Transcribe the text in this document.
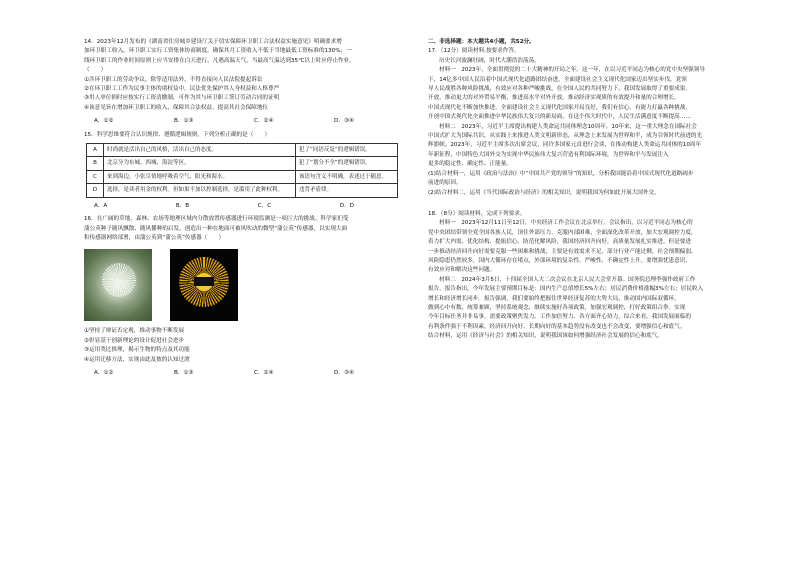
14．2023年12月发布的《湖南省住房城乡建设厅关于切实保障环卫职工合法权益实施意见》明确要求增

加环卫职工收入，环卫职工实行工资集体协商制度，确保其月工资收入不低于当地最低工资标准的130%；一

线环卫职工的作业时间原则上应当安排在白天进行，凡遇高温天气，当最高气温达到35℃以上时应停止作业，

（　　）

①涉环卫职工的劳动争议，除等适用法外，不得直接向人民法院提起诉讼

②在环卫职工工作为民事主体的诸权益中，民法优先保护其人身权益和人格尊严

③用人单位损时应按实行工资清缴制，可作为其与环卫职工签订劳动合同的证明

④该意见旨在增加环卫职工的收入，保障其合法权益，提高其社会保障地位

A．①②	B．①③	C．②④	D．③④

15．科学思维要符合认识规律、遵循逻辑规则。下列分析正确的是（　　）

A	时尚就是活出自己的风格，活出自己的态度。	犯了“同语反复”的逻辑错误。
B	北京分为东城、西城、海淀等区。	犯了“划分不全”的逻辑错误。
C	来到海边，小张尽情地呼吸着空气、阳光和海水。	该语句含义不明确，表述过于随意。
D	选择，是读者用金的权利。但如果不加以控制选择，是滥用了此种权利。	违背矛盾律。
A．A	B．B	C．C	D．D

16．在广阔的草地、森林、农场等地理区域内分散放置传感器进行环境监测是一项巨大的挑战。科学家们受

蒲公英种子随风飘散、随风播种的启发，创造出一种在地面可被风吹动的微型“蒲公英”传感器，以实现大面

积传感器网络部署，由蒲公英到“蒲公英”传感器（　　）

①坚持了辩证否定观，推动事物不断发展

②彰显基于创新理论的设计促进社会进步

③运用类比推理，揭示生物的特点及其功能

④运用迁移方法，实现由此及彼的认知过渡

A．①②	B．①③	C．②④	D．③④

二、非选择题：本大题共4小题，共52分。

17．（12分）阅读材料,按要求作答。

历史长河波澜壮阔，时代大潮浩浩荡荡。

材料一　2023年，全面贯彻党的二十大精神的开局之年。这一年，在以习近平同志为核心的党中央坚强领导

下，14亿多中国人民沿着中国式现代化道路团结奋进，全面建设社会主义现代化国家迈出坚实步伐。党领

导人民战胜各种风险挑战，有效应对各种严峻挑战，在全国人民的共同努力下，我国发展取得了重要成果。

开放，推动更大的对外贸易平衡，推进高水平对外开放，推动经济实现质的有效提升和量的合理增长，

中国式现代化不断加快推进，全面建设社会主义现代化国家开局良好，我们有信心、有能力打赢各种挑战，

开创中国式现代化全面推进中华民族伟大复兴的新局面，在这个伟大时代中，人民生活满意度不断提高……

材料二　2023年，习近平主席提出构建人类命运共同体理念10周年。10年来，这一重大理念在国际社会

中国式扩大为国际共识，从实践上来推进人类文明新形态，从理念上来发展为世界和平，成为引领时代前进的光

辉旗帜。2023年，习近平主席多次出席会议，同许多国家元首进行会谈，在推动构建人类命运共同体的10周年

年新征程，中国特色大国外交为实现中华民族伟大复兴营造有利国际环境，为世界和平与发展注入

更多的稳定性、确定性、正能量。

(1)结合材料一，运用《政治与法治》中“中国共产党的领导”的知识，分析我国能沿着中国式现代化道路阔步

前进的原因。

(2)结合材料二，运用《当代国际政治与经济》的相关知识，说明我国为何如此开展大国外交。

18．（8分）阅读材料，完成下列要求。

材料一　2023年12月11日至12日，中央经济工作会议在北京举行。会议指出，以习近平同志为核心的

党中央团结带领全党全国各族人民，顶住外部压力、克服内部困难，全面深化改革开放，加大宏观调控力度，

着力扩大内需、优化结构、提振信心、防范化解风险，我国经济回升向好，高质量发展扎实推进。但是要进

一步推动经济回升向好需要克服一些困难和挑战，主要是有效需求不足、部分行业产能过剩、社会预期偏弱、

风险隐患仍然较多，国内大循环存在堵点，外部环境的复杂性、严峻性、不确定性上升。要增强忧患意识，

有效应对和解决这些问题。

材料二　2024年3月5日，十四届全国人大二次会议在北京人民大会堂开幕。国务院总理李强作政府工作

报告。报告指出，今年发展主要预期目标是：国内生产总值增长5%左右；居民消费价格涨幅3%左右；居民收入

增长和经济增长同步。报告强调，我们要始终把握住世界经济复苏的大势大局，推动国内国际双循环，

做到心中有数、统筹兼顾，坚持系统观念，继续实施好各项政策，加强宏观调控，打好政策组合拳。实现

今年目标任务并非易事，需要政策聚焦发力、工作加倍努力、各方面齐心协力。综合来看，我国发展面临的

有利条件强于不利因素，经济回升向好、长期向好的基本趋势没有改变也不会改变，要增强信心和底气。

结合材料，运用《经济与社会》的相关知识，说明我国该如何增强经济社会发展的信心和底气。
